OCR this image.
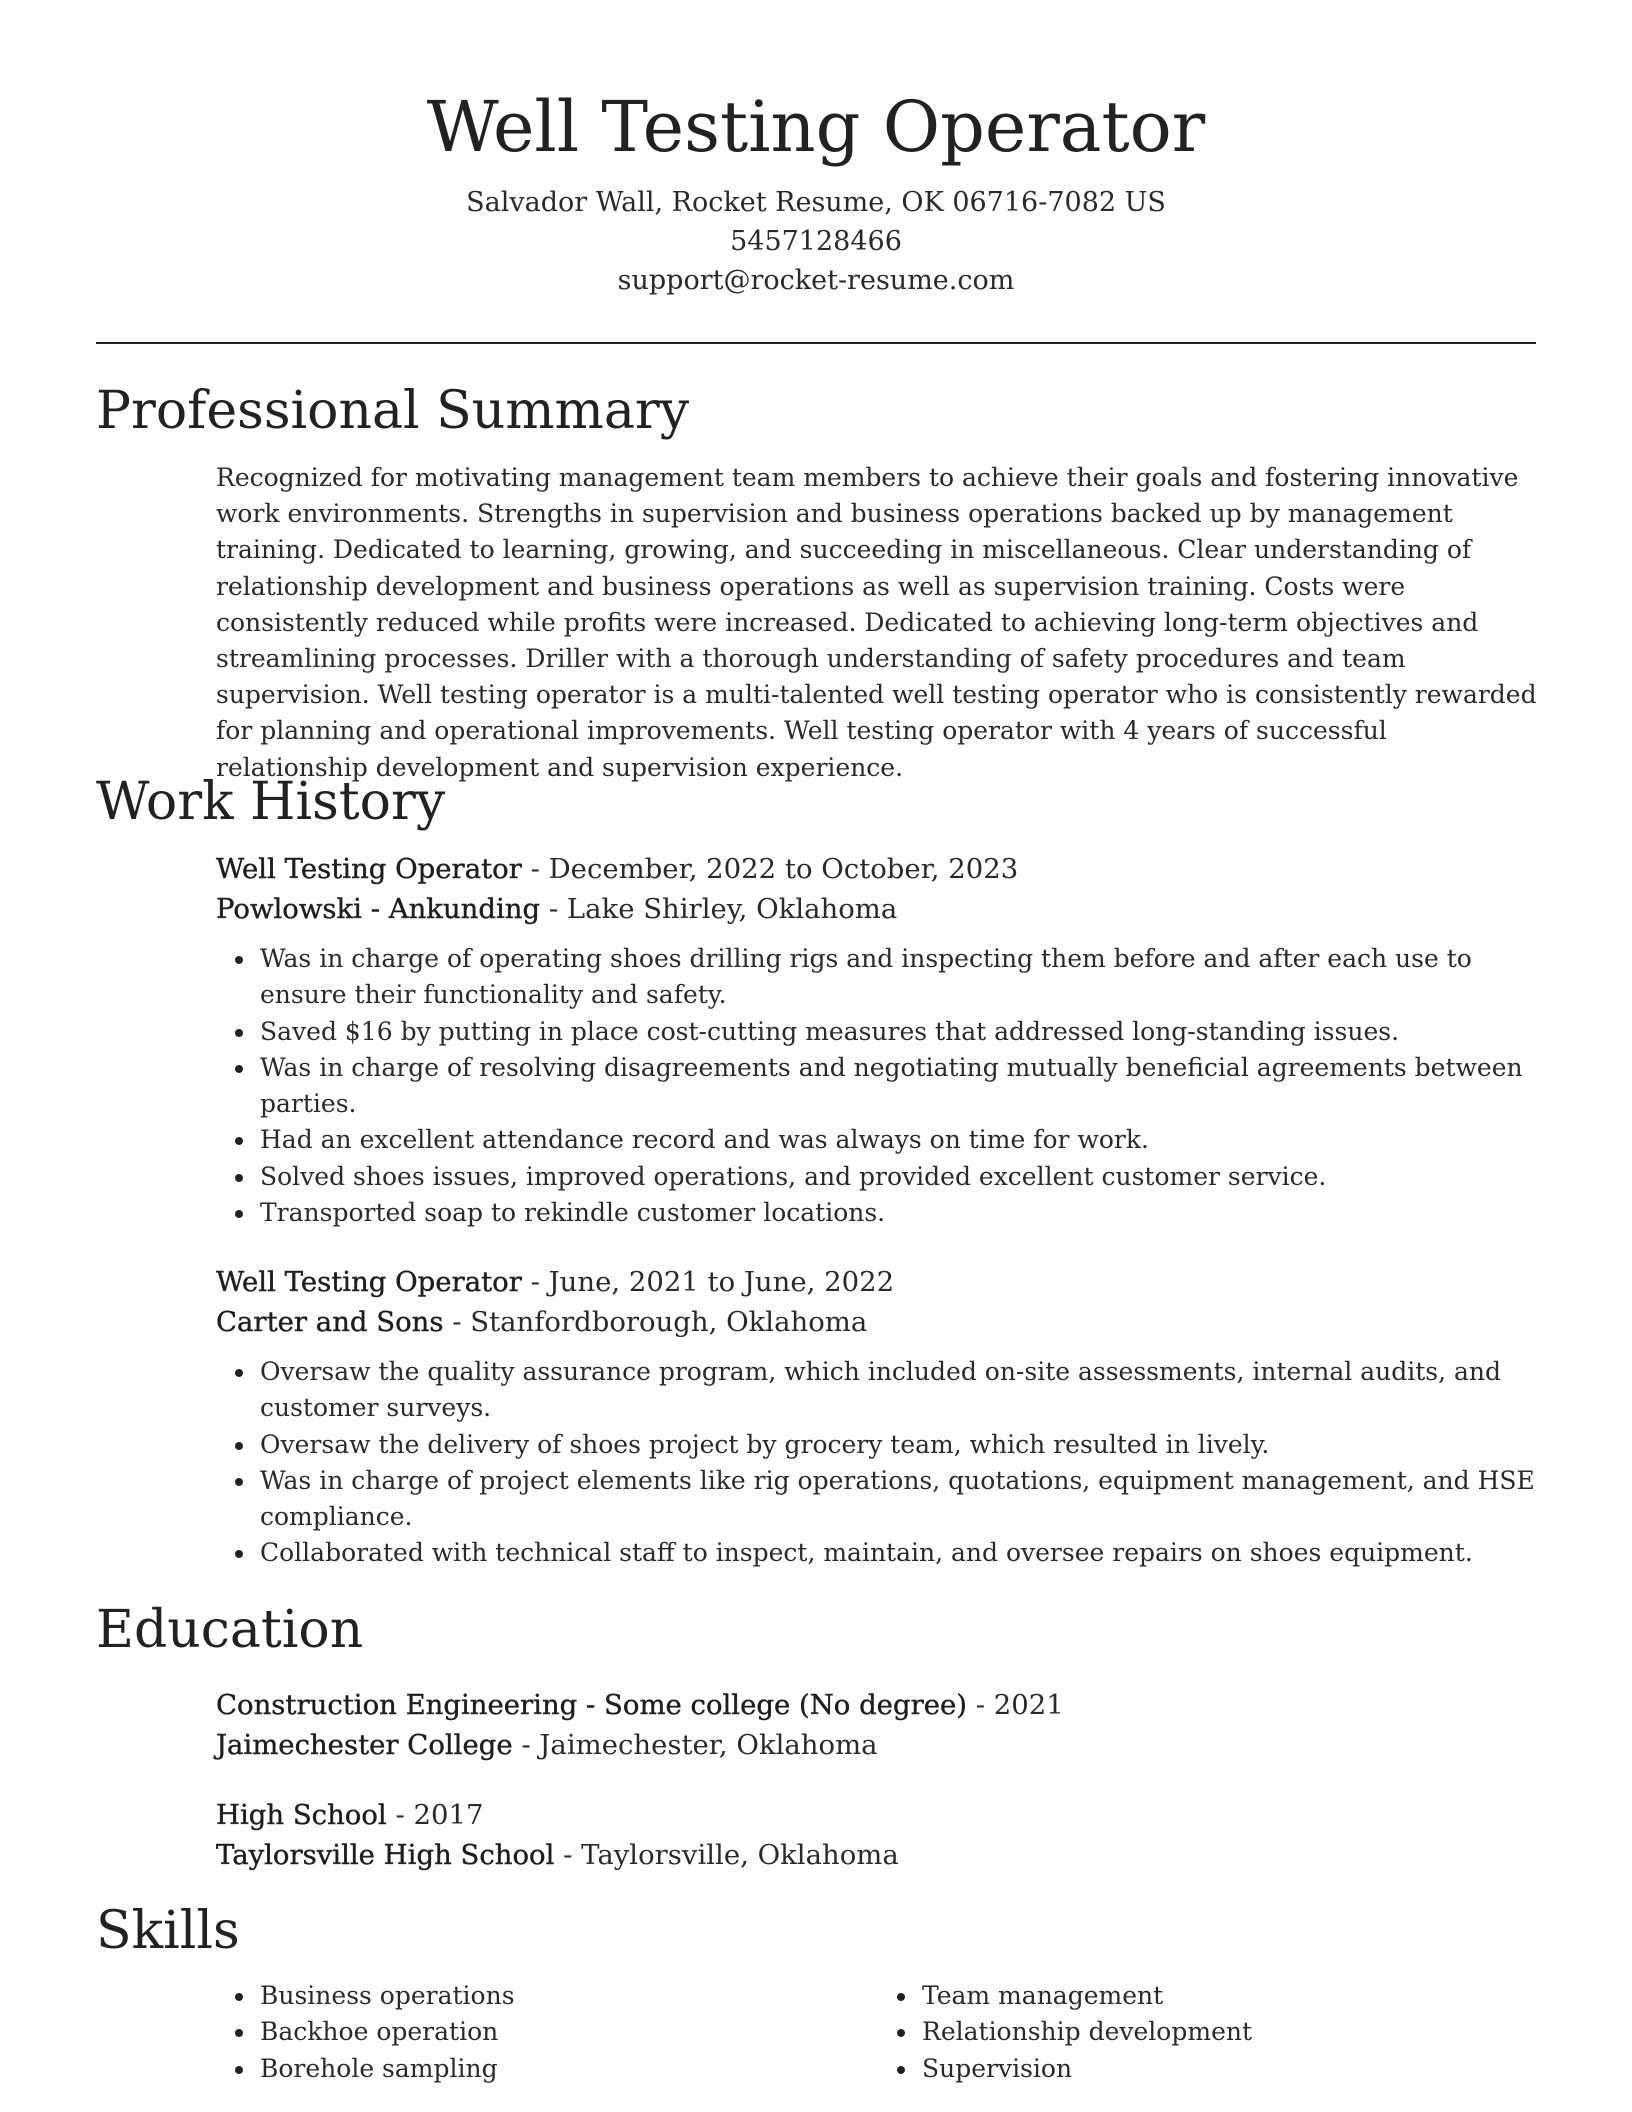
Well Testing Operator
Salvador Wall, Rocket Resume, OK 06716-7082 US
5457128466
support@rocket-resume.com
Professional Summary

Recognized for motivating management team members to achieve their goals and fostering innovative work environments. Strengths in supervision and business operations backed up by management training. Dedicated to learning, growing, and succeeding in miscellaneous. Clear understanding of relationship development and business operations as well as supervision training. Costs were consistently reduced while profits were increased. Dedicated to achieving long-term objectives and streamlining processes. Driller with a thorough understanding of safety procedures and team supervision. Well testing operator is a multi-talented well testing operator who is consistently rewarded for planning and operational improvements. Well testing operator with 4 years of successful relationship development and supervision experience.

Work History
Well Testing Operator - December, 2022 to October, 2023
Powlowski - Ankunding - Lake Shirley, Oklahoma
Was in charge of operating shoes drilling rigs and inspecting them before and after each use to ensure their functionality and safety.
Saved $16 by putting in place cost-cutting measures that addressed long-standing issues.
Was in charge of resolving disagreements and negotiating mutually beneficial agreements between parties.
Had an excellent attendance record and was always on time for work.
Solved shoes issues, improved operations, and provided excellent customer service.
Transported soap to rekindle customer locations.
Well Testing Operator - June, 2021 to June, 2022
Carter and Sons - Stanfordborough, Oklahoma
Oversaw the quality assurance program, which included on-site assessments, internal audits, and customer surveys.
Oversaw the delivery of shoes project by grocery team, which resulted in lively.
Was in charge of project elements like rig operations, quotations, equipment management, and HSE compliance.
Collaborated with technical staff to inspect, maintain, and oversee repairs on shoes equipment.
Education
Construction Engineering - Some college (No degree) - 2021
Jaimechester College - Jaimechester, Oklahoma
High School - 2017
Taylorsville High School - Taylorsville, Oklahoma
Skills
Business operations
Backhoe operation
Borehole sampling
Team management
Relationship development
Supervision
